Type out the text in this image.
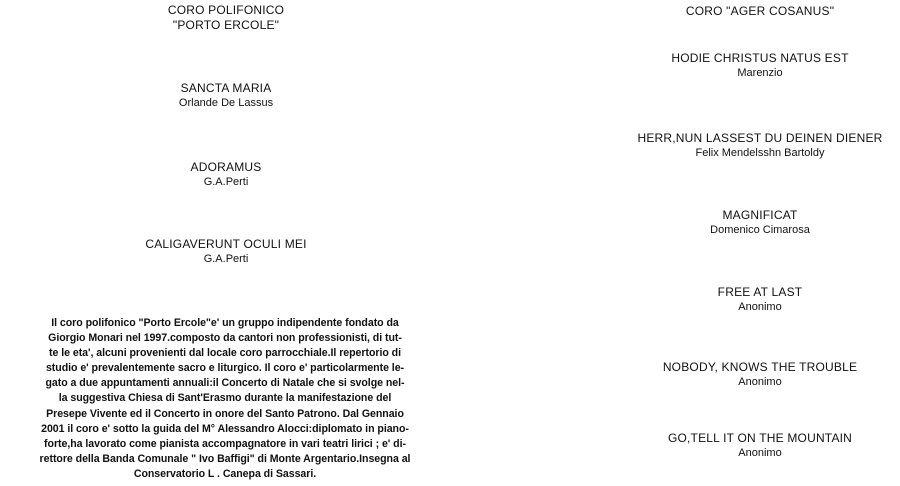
CORO POLIFONICO
"PORTO ERCOLE"
SANCTA MARIA
Orlande De Lassus
ADORAMUS
G.A.Perti
CALIGAVERUNT OCULI MEI
G.A.Perti
Il coro polifonico "Porto Ercole"e' un gruppo indipendente fondato da
Giorgio Monari nel 1997.composto da cantori non professionisti, di tut-
te le eta', alcuni provenienti dal locale coro parrocchiale.Il repertorio di
studio e' prevalentemente sacro e liturgico. Il coro e' particolarmente le-
gato a due appuntamenti annuali:il Concerto di Natale che si svolge nel-
la suggestiva Chiesa di Sant'Erasmo durante la manifestazione del
Presepe Vivente ed il Concerto in onore del Santo Patrono. Dal Gennaio
2001 il coro e' sotto la guida del M° Alessandro Alocci:diplomato in piano-
forte,ha lavorato come pianista accompagnatore in vari teatri lirici ; e' di-
rettore della Banda Comunale " Ivo Baffigi" di Monte Argentario.Insegna al
Conservatorio L . Canepa di Sassari.
CORO "AGER COSANUS"
HODIE CHRISTUS NATUS EST
Marenzio
HERR,NUN LASSEST DU DEINEN DIENER
Felix Mendelsshn Bartoldy
MAGNIFICAT
Domenico Cimarosa
FREE AT LAST
Anonimo
NOBODY, KNOWS THE TROUBLE
Anonimo
GO,TELL IT ON THE MOUNTAIN
Anonimo
